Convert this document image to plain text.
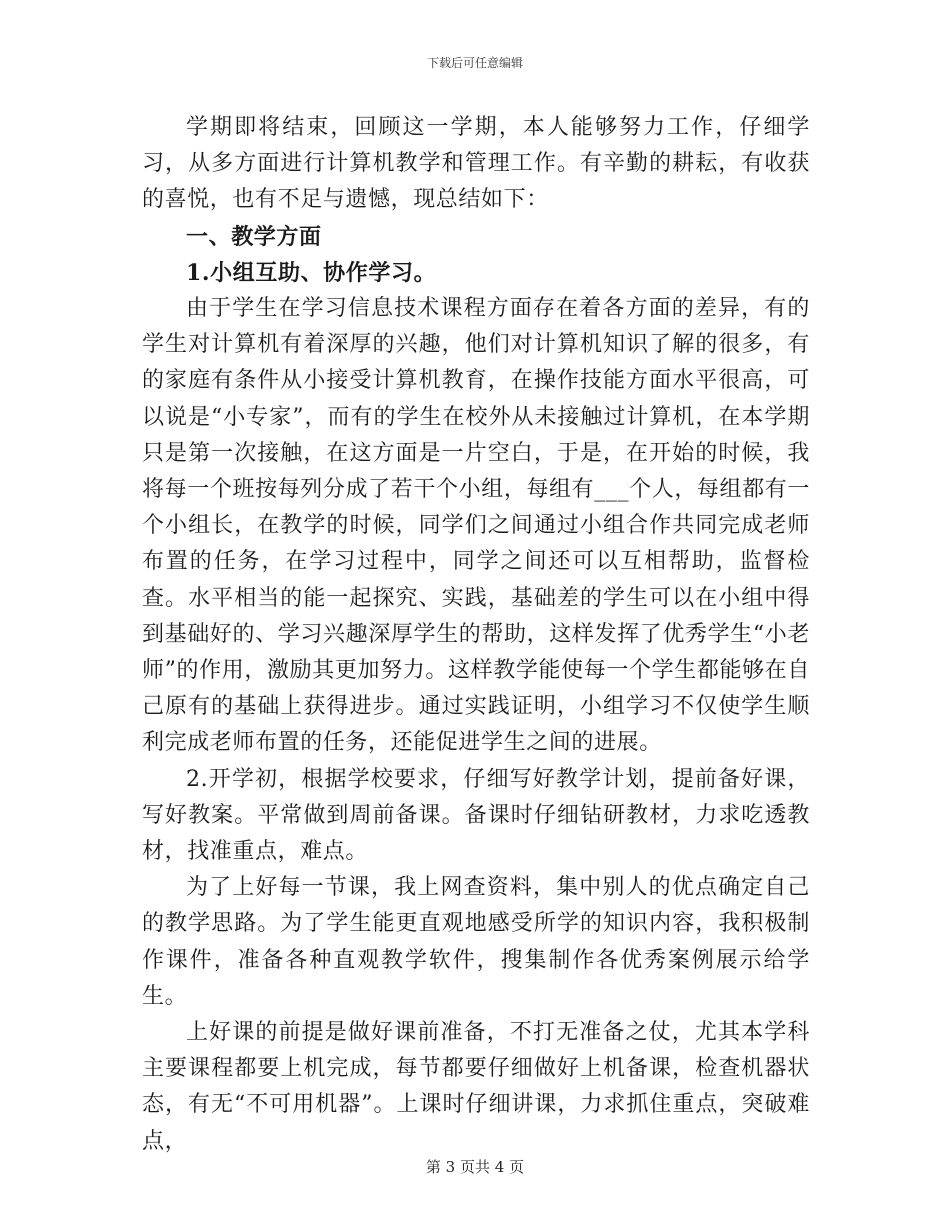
下载后可任意编辑

学期即将结束，回顾这一学期，本人能够努力工作，仔细学习，从多方面进行计算机教学和管理工作。有辛勤的耕耘，有收获的喜悦，也有不足与遗憾，现总结如下：

一、教学方面

1.小组互助、协作学习。

由于学生在学习信息技术课程方面存在着各方面的差异，有的学生对计算机有着深厚的兴趣，他们对计算机知识了解的很多，有的家庭有条件从小接受计算机教育，在操作技能方面水平很高，可以说是“小专家”，而有的学生在校外从未接触过计算机，在本学期只是第一次接触，在这方面是一片空白，于是，在开始的时候，我将每一个班按每列分成了若干个小组，每组有___个人，每组都有一个小组长，在教学的时候，同学们之间通过小组合作共同完成老师布置的任务，在学习过程中，同学之间还可以互相帮助，监督检查。水平相当的能一起探究、实践，基础差的学生可以在小组中得到基础好的、学习兴趣深厚学生的帮助，这样发挥了优秀学生“小老师”的作用，激励其更加努力。这样教学能使每一个学生都能够在自己原有的基础上获得进步。通过实践证明，小组学习不仅使学生顺利完成老师布置的任务，还能促进学生之间的进展。

2.开学初，根据学校要求，仔细写好教学计划，提前备好课，写好教案。平常做到周前备课。备课时仔细钻研教材，力求吃透教材，找准重点，难点。

为了上好每一节课，我上网查资料，集中别人的优点确定自己的教学思路。为了学生能更直观地感受所学的知识内容，我积极制作课件，准备各种直观教学软件，搜集制作各优秀案例展示给学生。

上好课的前提是做好课前准备，不打无准备之仗，尤其本学科主要课程都要上机完成，每节都要仔细做好上机备课，检查机器状态，有无“不可用机器”。上课时仔细讲课，力求抓住重点，突破难点，

第 3 页共 4 页
